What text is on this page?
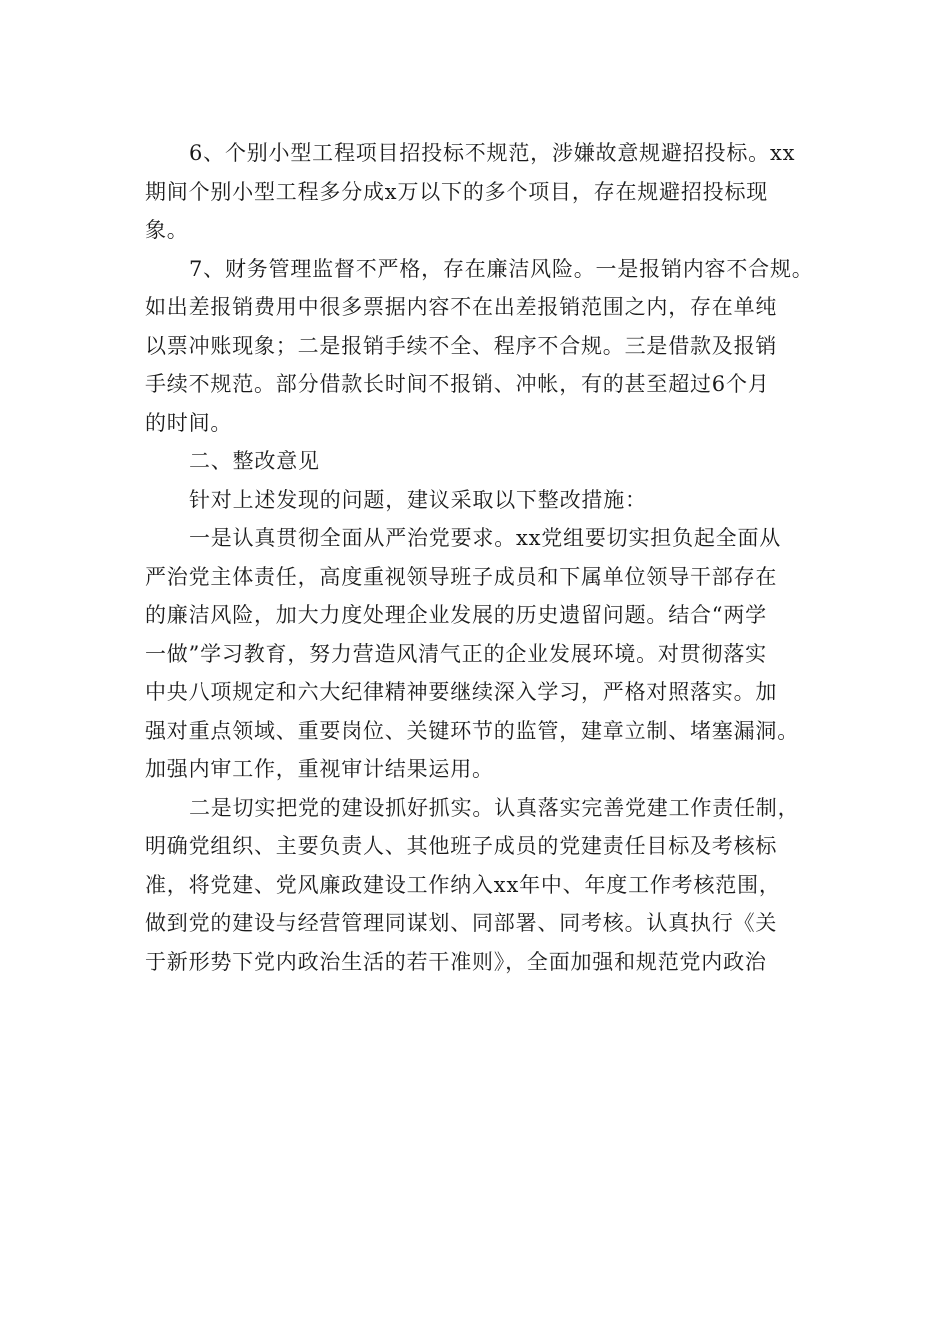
6、个别小型工程项目招投标不规范，涉嫌故意规避招投标。xx
期间个别小型工程多分成x万以下的多个项目，存在规避招投标现
象。
7、财务管理监督不严格，存在廉洁风险。一是报销内容不合规。
如出差报销费用中很多票据内容不在出差报销范围之内，存在单纯
以票冲账现象；二是报销手续不全、程序不合规。三是借款及报销
手续不规范。部分借款长时间不报销、冲帐，有的甚至超过6个月
的时间。
二、整改意见
针对上述发现的问题，建议采取以下整改措施：
一是认真贯彻全面从严治党要求。xx党组要切实担负起全面从
严治党主体责任，高度重视领导班子成员和下属单位领导干部存在
的廉洁风险，加大力度处理企业发展的历史遗留问题。结合“两学
一做”学习教育，努力营造风清气正的企业发展环境。对贯彻落实
中央八项规定和六大纪律精神要继续深入学习，严格对照落实。加
强对重点领域、重要岗位、关键环节的监管，建章立制、堵塞漏洞。
加强内审工作，重视审计结果运用。
二是切实把党的建设抓好抓实。认真落实完善党建工作责任制，
明确党组织、主要负责人、其他班子成员的党建责任目标及考核标
准，将党建、党风廉政建设工作纳入xx年中、年度工作考核范围，
做到党的建设与经营管理同谋划、同部署、同考核。认真执行《关
于新形势下党内政治生活的若干准则》，全面加强和规范党内政治
